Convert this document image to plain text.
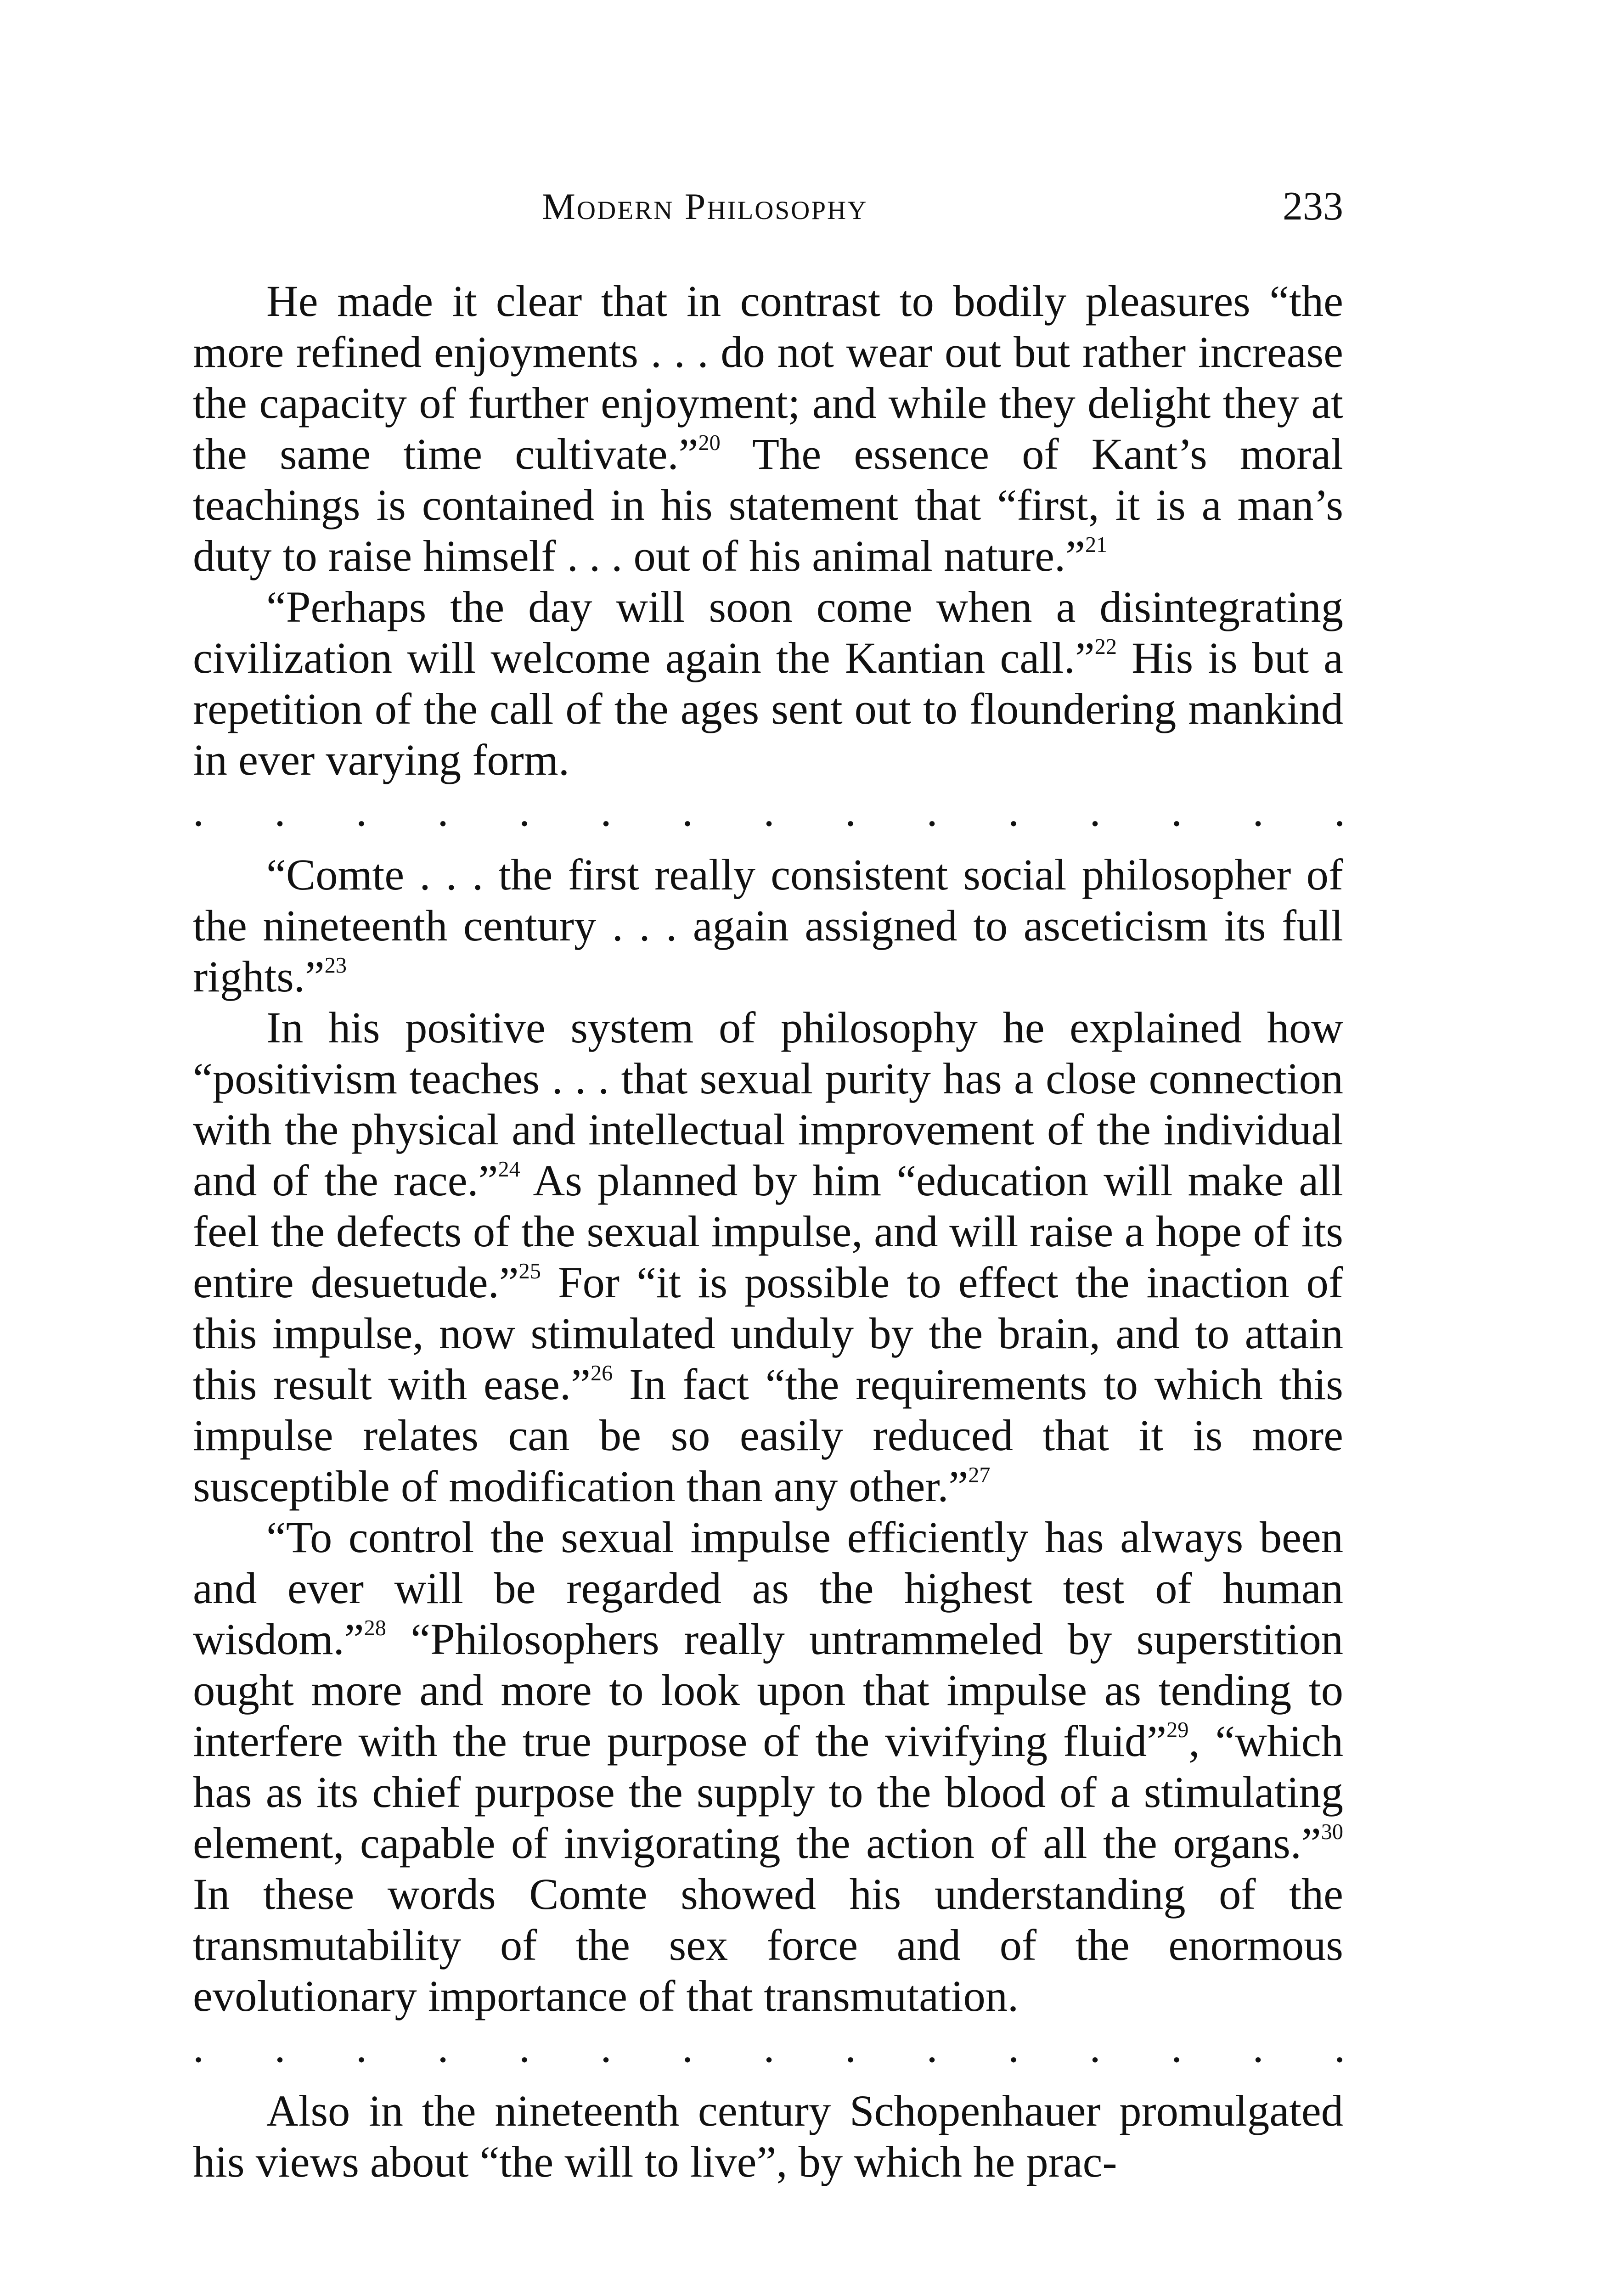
Modern Philosophy	233

He made it clear that in contrast to bodily pleasures “the more refined enjoyments . . . do not wear out but rather increase the capacity of further enjoyment; and while they delight they at the same time cultivate.”$^{20}$ The essence of Kant’s moral teachings is contained in his statement that “first, it is a man’s duty to raise himself . . . out of his animal nature.”$^{21}$

“Perhaps the day will soon come when a disintegrating civilization will welcome again the Kantian call.”$^{22}$ His is but a repetition of the call of the ages sent out to floundering mankind in ever varying form.

. . . . . . . . . . . . . . .

“Comte . . . the first really consistent social philosopher of the nineteenth century . . . again assigned to asceticism its full rights.”$^{23}$

In his positive system of philosophy he explained how “positivism teaches . . . that sexual purity has a close connection with the physical and intellectual improvement of the individual and of the race.”$^{24}$ As planned by him “education will make all feel the defects of the sexual impulse, and will raise a hope of its entire desuetude.”$^{25}$ For “it is possible to effect the inaction of this impulse, now stimulated unduly by the brain, and to attain this result with ease.”$^{26}$ In fact “the requirements to which this impulse relates can be so easily reduced that it is more susceptible of modification than any other.”$^{27}$

“To control the sexual impulse efficiently has always been and ever will be regarded as the highest test of human wisdom.”$^{28}$ “Philosophers really untrammeled by superstition ought more and more to look upon that impulse as tending to interfere with the true purpose of the vivifying fluid”$^{29}$, “which has as its chief purpose the supply to the blood of a stimulating element, capable of invigorating the action of all the organs.”$^{30}$ In these words Comte showed his understanding of the transmutability of the sex force and of the enormous evolutionary importance of that transmutation.

. . . . . . . . . . . . . . .

Also in the nineteenth century Schopenhauer promulgated his views about “the will to live”, by which he prac-
